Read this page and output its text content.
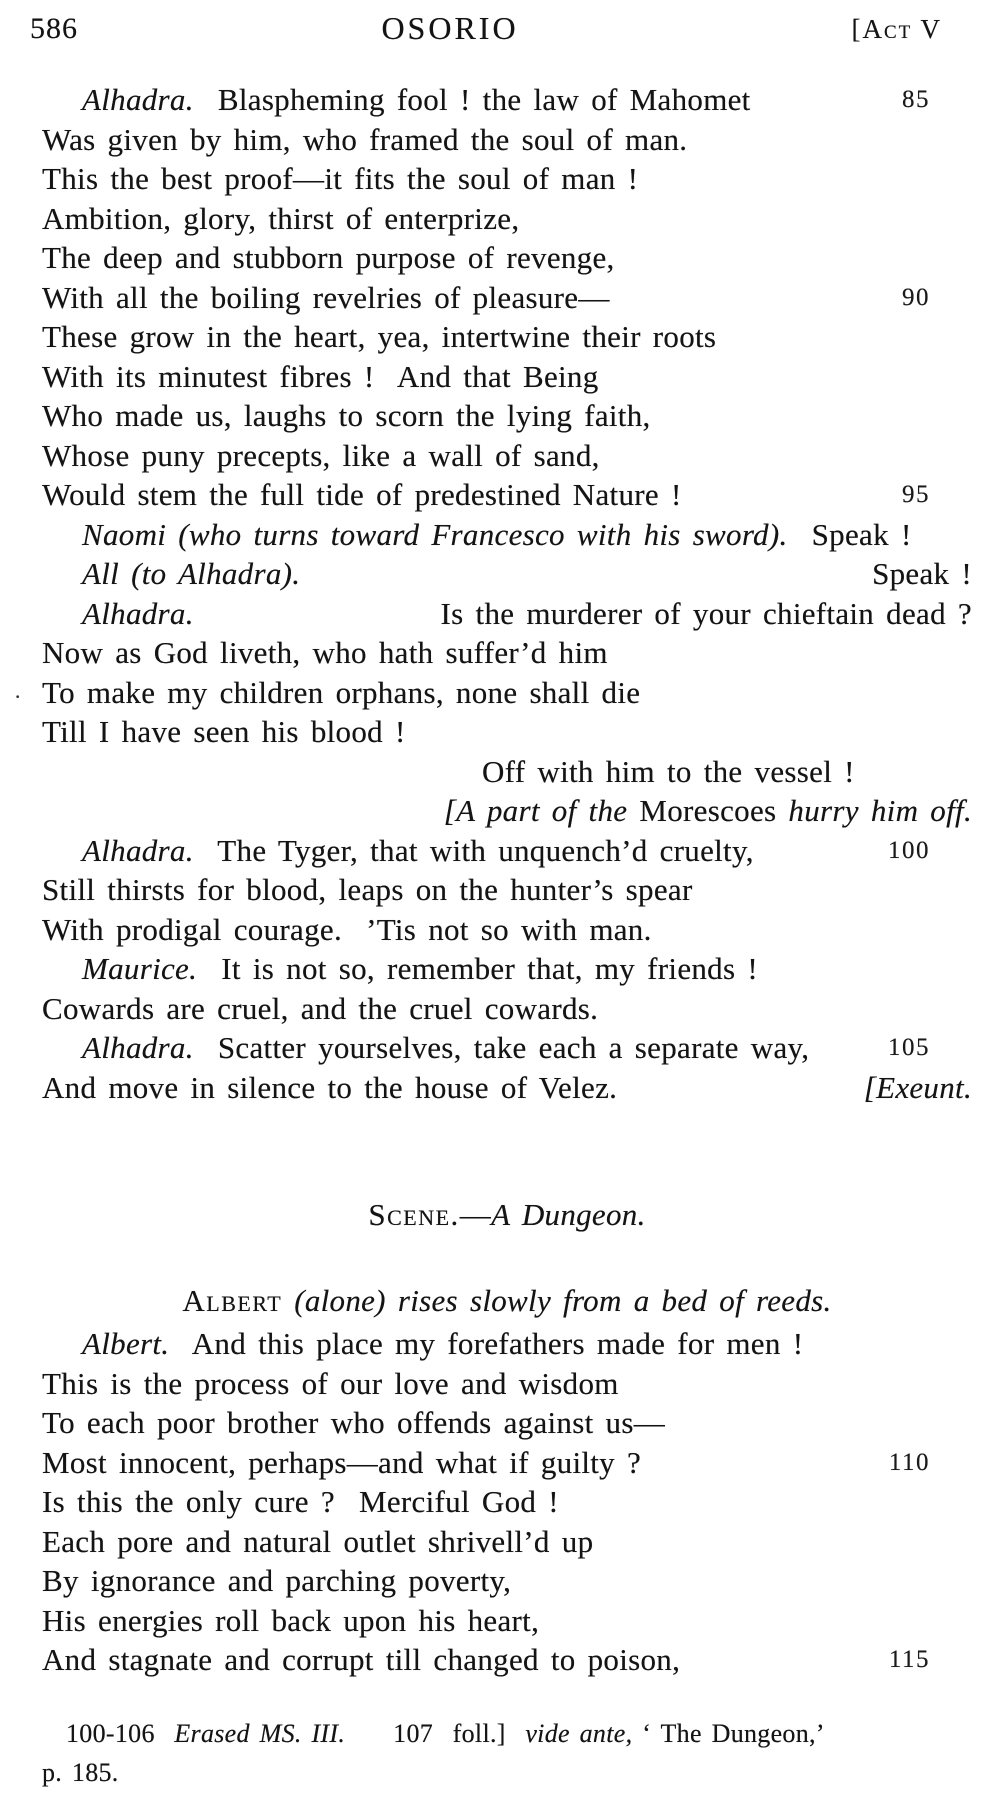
586	OSORIO	[Act V
Alhadra.  Blaspheming fool ! the law of Mahomet	85
Was given by him, who framed the soul of man.
This the best proof—it fits the soul of man !
Ambition, glory, thirst of enterprize,
The deep and stubborn purpose of revenge,
With all the boiling revelries of pleasure—	90
These grow in the heart, yea, intertwine their roots
With its minutest fibres !  And that Being
Who made us, laughs to scorn the lying faith,
Whose puny precepts, like a wall of sand,
Would stem the full tide of predestined Nature !	95
Naomi (who turns toward Francesco with his sword).  Speak !
All (to Alhadra).	Speak !
Alhadra.	Is the murderer of your chieftain dead ?
Now as God liveth, who hath suffer’d him
· To make my children orphans, none shall die
Till I have seen his blood !
Off with him to the vessel !
[A part of the Morescoes hurry him off.
Alhadra.  The Tyger, that with unquench’d cruelty,	100
Still thirsts for blood, leaps on the hunter’s spear
With prodigal courage.  ’Tis not so with man.
Maurice.  It is not so, remember that, my friends !
Cowards are cruel, and the cruel cowards.
Alhadra.  Scatter yourselves, take each a separate way,	105
And move in silence to the house of Velez.	[Exeunt.
Scene.—A Dungeon.
Albert (alone) rises slowly from a bed of reeds.
Albert.  And this place my forefathers made for men !
This is the process of our love and wisdom
To each poor brother who offends against us—
Most innocent, perhaps—and what if guilty ?	110
Is this the only cure ?  Merciful God !
Each pore and natural outlet shrivell’d up
By ignorance and parching poverty,
His energies roll back upon his heart,
And stagnate and corrupt till changed to poison,	115
100-106  Erased MS. III. 107  foll.]  vide ante, ‘ The Dungeon,’
p. 185.
